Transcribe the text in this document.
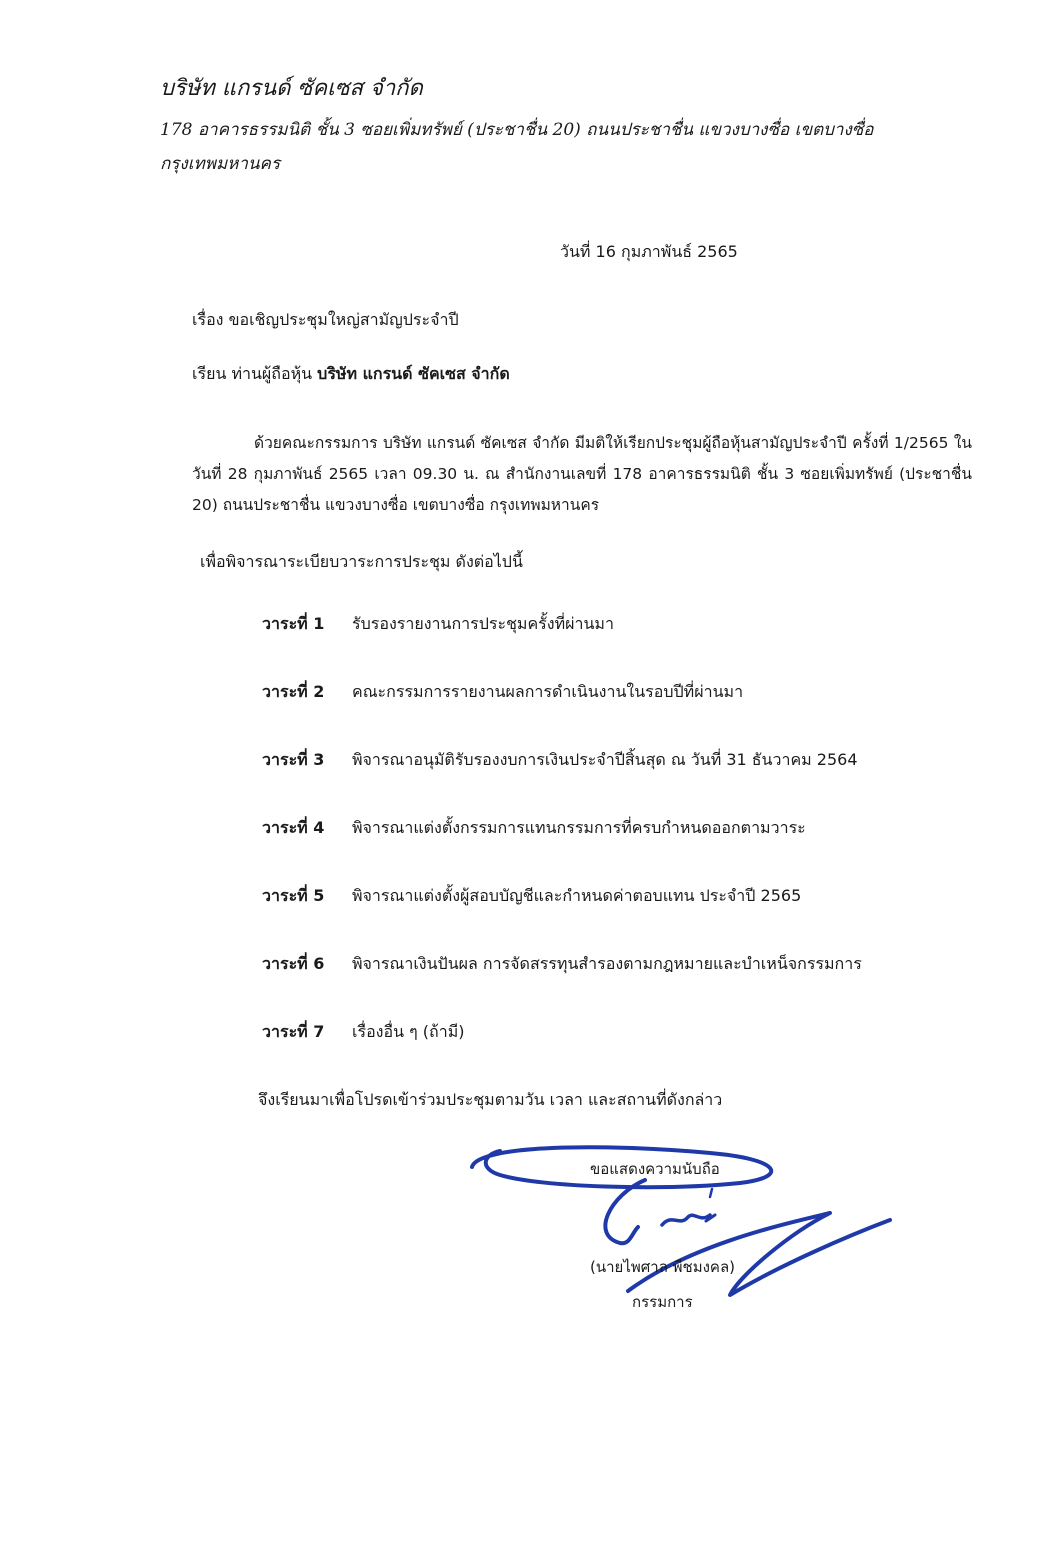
บริษัท แกรนด์ ซัคเซส จำกัด
178 อาคารธรรมนิติ ชั้น 3 ซอยเพิ่มทรัพย์ (ประชาชื่น 20) ถนนประชาชื่น แขวงบางซื่อ เขตบางซื่อ
กรุงเทพมหานคร
วันที่ 16 กุมภาพันธ์ 2565
เรื่อง ขอเชิญประชุมใหญ่สามัญประจำปี
เรียน ท่านผู้ถือหุ้น บริษัท แกรนด์ ซัคเซส จำกัด
ด้วยคณะกรรมการ บริษัท แกรนด์ ซัคเซส จำกัด มีมติให้เรียกประชุมผู้ถือหุ้นสามัญประจำปี ครั้งที่ 1/2565 ในวันที่ 28 กุมภาพันธ์ 2565 เวลา 09.30 น. ณ สำนักงานเลขที่ 178 อาคารธรรมนิติ ชั้น 3 ซอยเพิ่มทรัพย์ (ประชาชื่น 20) ถนนประชาชื่น แขวงบางซื่อ เขตบางซื่อ กรุงเทพมหานคร
เพื่อพิจารณาระเบียบวาระการประชุม ดังต่อไปนี้
วาระที่ 1 รับรองรายงานการประชุมครั้งที่ผ่านมา
วาระที่ 2 คณะกรรมการรายงานผลการดำเนินงานในรอบปีที่ผ่านมา
วาระที่ 3 พิจารณาอนุมัติรับรองงบการเงินประจำปีสิ้นสุด ณ วันที่ 31 ธันวาคม 2564
วาระที่ 4 พิจารณาแต่งตั้งกรรมการแทนกรรมการที่ครบกำหนดออกตามวาระ
วาระที่ 5 พิจารณาแต่งตั้งผู้สอบบัญชีและกำหนดค่าตอบแทน ประจำปี 2565
วาระที่ 6 พิจารณาเงินปันผล การจัดสรรทุนสำรองตามกฎหมายและบำเหน็จกรรมการ
วาระที่ 7 เรื่องอื่น ๆ (ถ้ามี)
จึงเรียนมาเพื่อโปรดเข้าร่วมประชุมตามวัน เวลา และสถานที่ดังกล่าว
ขอแสดงความนับถือ
(นายไพศาล พืชมงคล)
กรรมการ
